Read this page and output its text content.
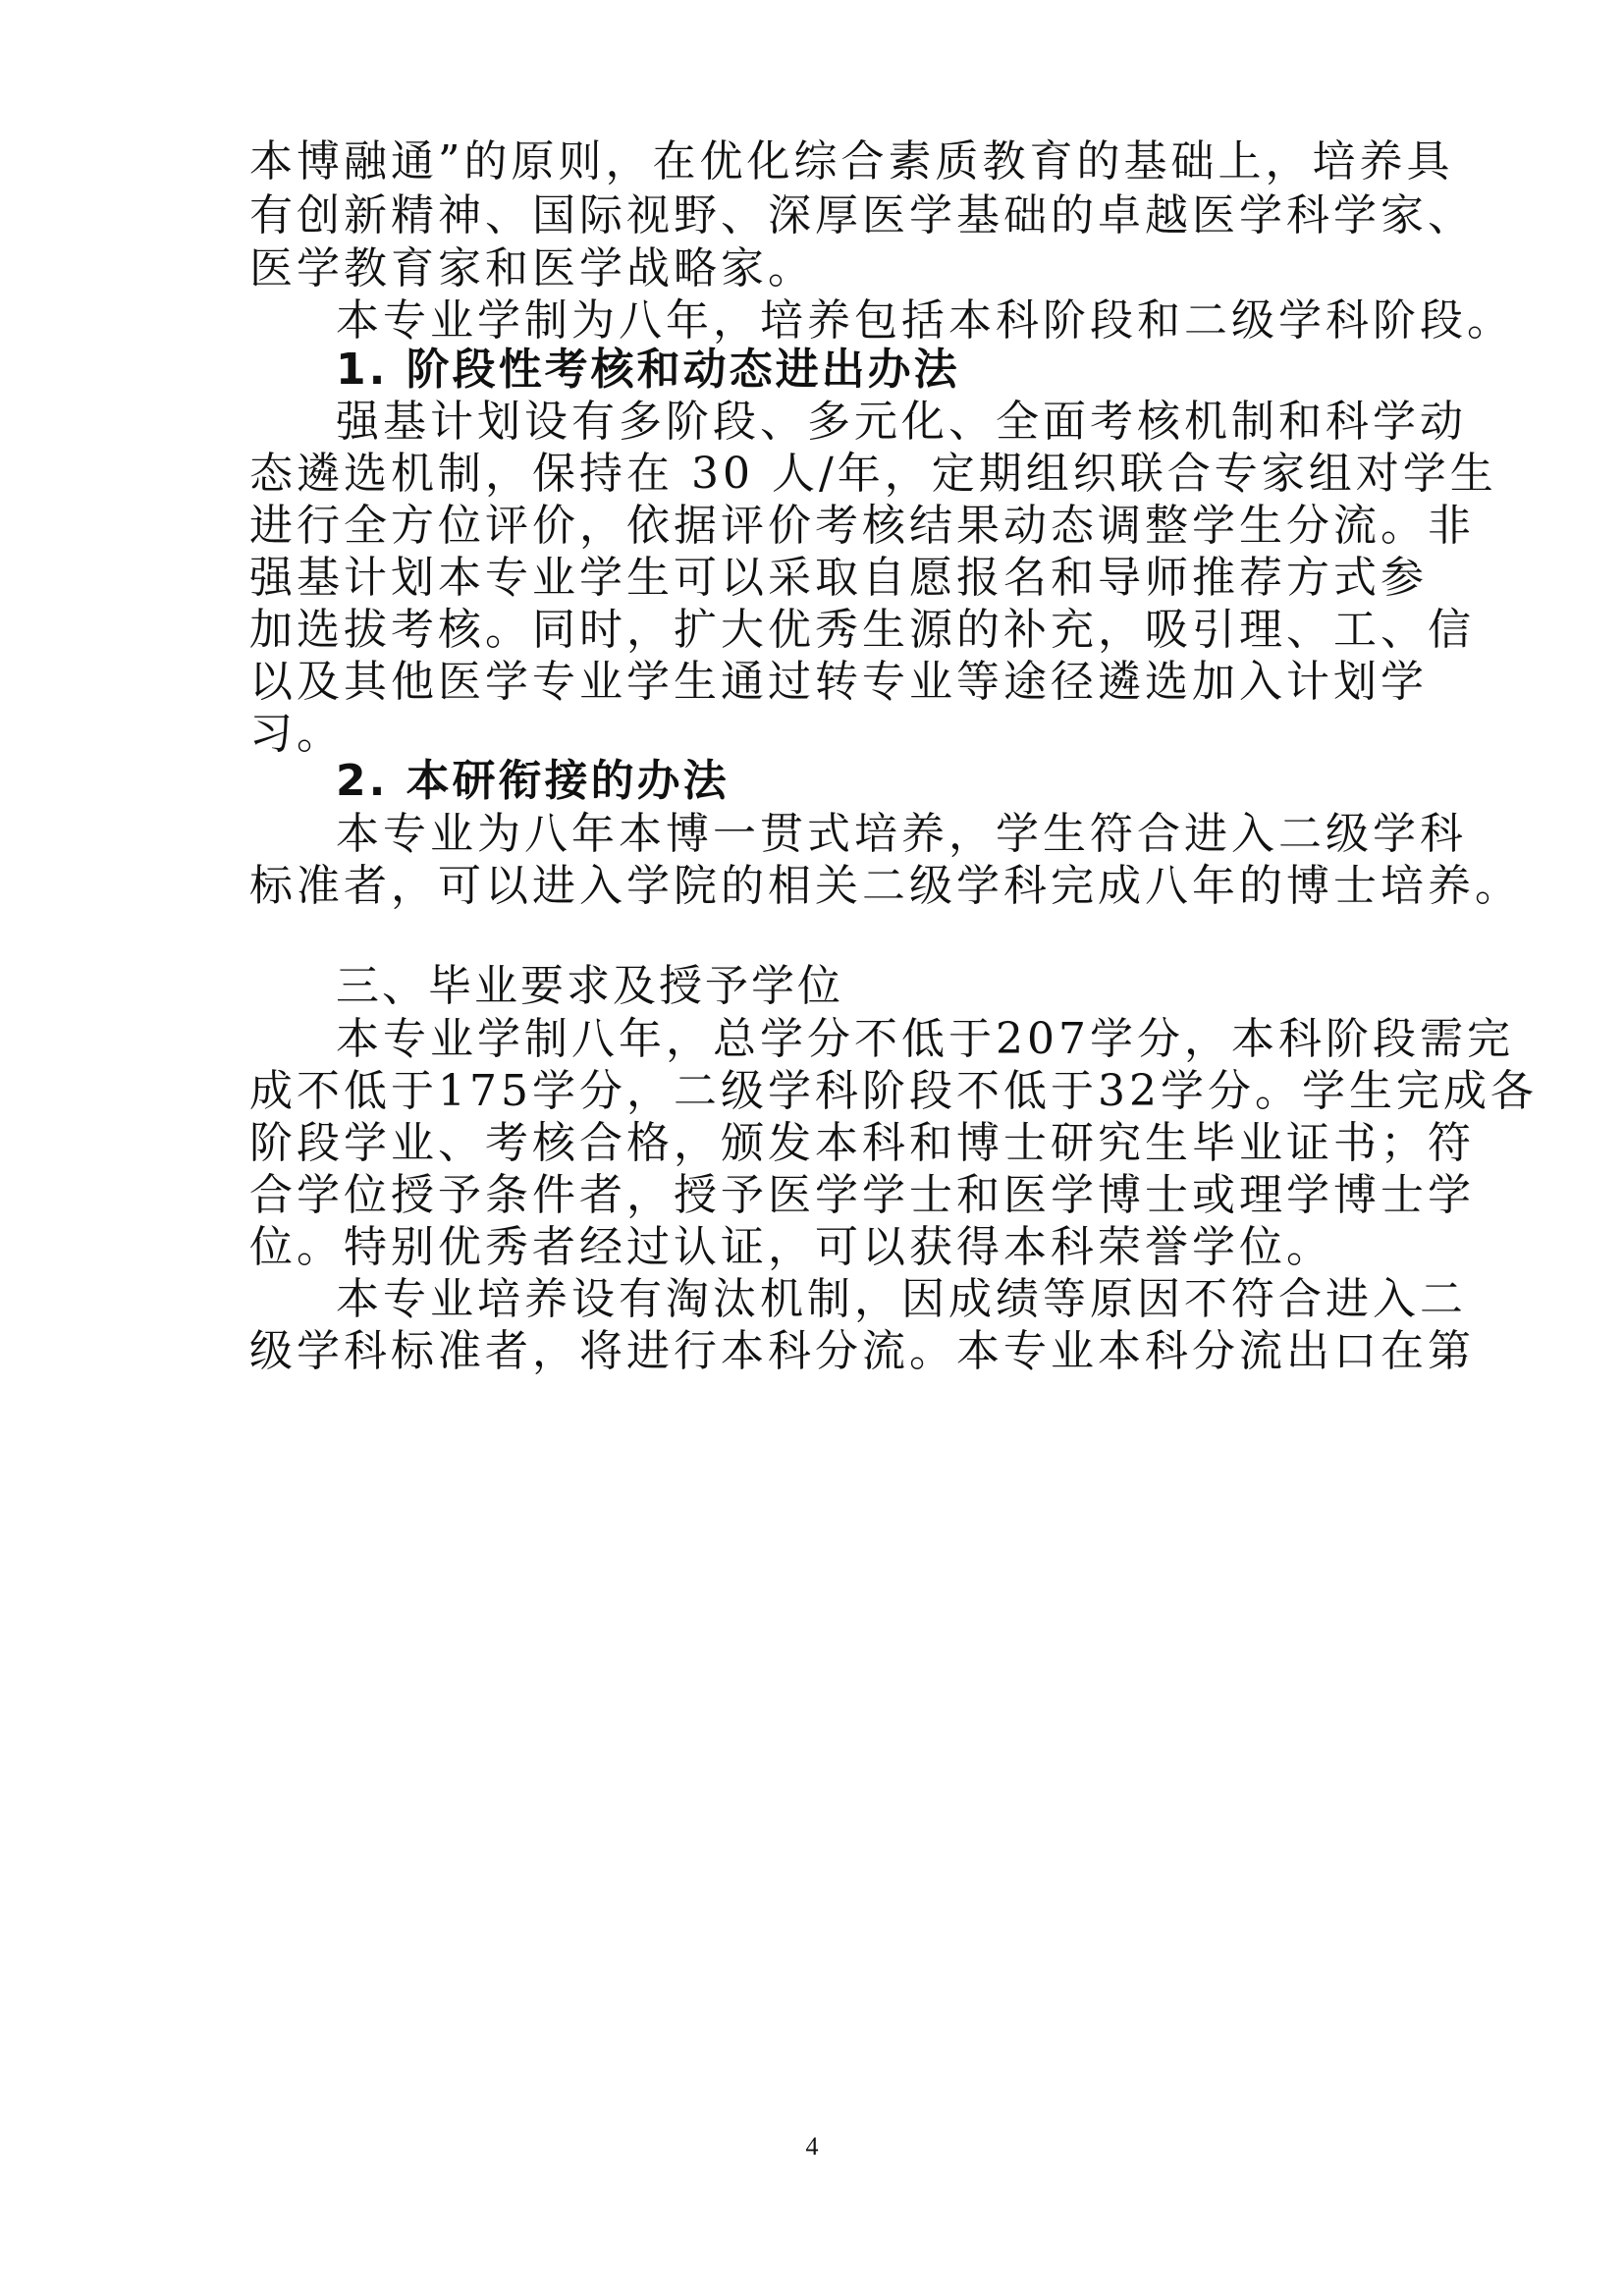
本博融通”的原则，在优化综合素质教育的基础上，培养具
有创新精神、国际视野、深厚医学基础的卓越医学科学家、
医学教育家和医学战略家。
本专业学制为八年，培养包括本科阶段和二级学科阶段。
1. 阶段性考核和动态进出办法
强基计划设有多阶段、多元化、全面考核机制和科学动
态遴选机制，保持在 30 人/年，定期组织联合专家组对学生
进行全方位评价，依据评价考核结果动态调整学生分流。非
强基计划本专业学生可以采取自愿报名和导师推荐方式参
加选拔考核。同时，扩大优秀生源的补充，吸引理、工、信
以及其他医学专业学生通过转专业等途径遴选加入计划学
习。
2. 本研衔接的办法
本专业为八年本博一贯式培养，学生符合进入二级学科
标准者，可以进入学院的相关二级学科完成八年的博士培养。
三、毕业要求及授予学位
本专业学制八年，总学分不低于207学分，本科阶段需完
成不低于175学分，二级学科阶段不低于32学分。学生完成各
阶段学业、考核合格，颁发本科和博士研究生毕业证书；符
合学位授予条件者，授予医学学士和医学博士或理学博士学
位。特别优秀者经过认证，可以获得本科荣誉学位。
本专业培养设有淘汰机制，因成绩等原因不符合进入二
级学科标准者，将进行本科分流。本专业本科分流出口在第
4
